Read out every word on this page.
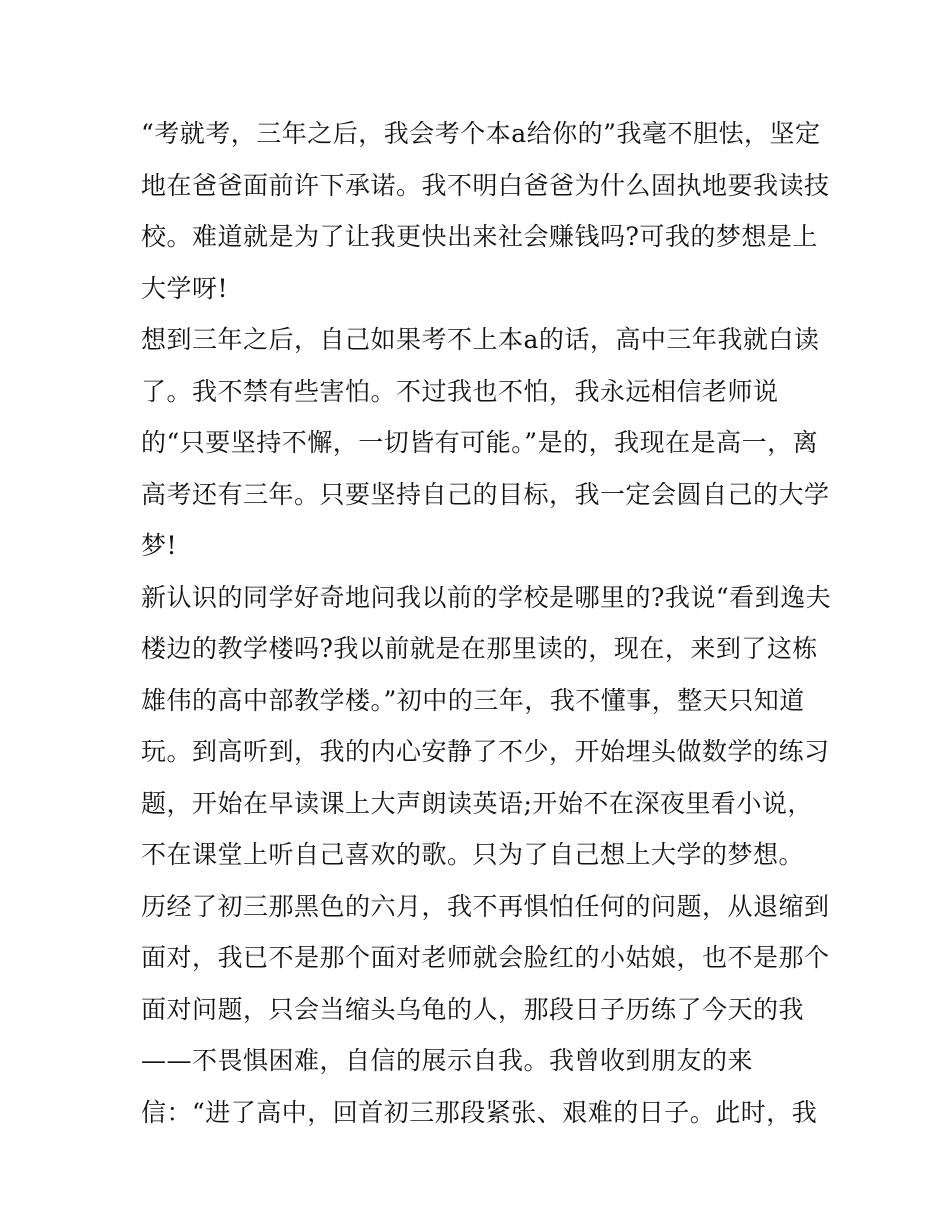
“考就考，三年之后，我会考个本a给你的”我毫不胆怯，坚定
地在爸爸面前许下承诺。我不明白爸爸为什么固执地要我读技
校。难道就是为了让我更快出来社会赚钱吗?可我的梦想是上
大学呀!
想到三年之后，自己如果考不上本a的话，高中三年我就白读
了。我不禁有些害怕。不过我也不怕，我永远相信老师说
的“只要坚持不懈，一切皆有可能。”是的，我现在是高一，离
高考还有三年。只要坚持自己的目标，我一定会圆自己的大学
梦!
新认识的同学好奇地问我以前的学校是哪里的?我说“看到逸夫
楼边的教学楼吗?我以前就是在那里读的，现在，来到了这栋
雄伟的高中部教学楼。”初中的三年，我不懂事，整天只知道
玩。到高听到，我的内心安静了不少，开始埋头做数学的练习
题，开始在早读课上大声朗读英语;开始不在深夜里看小说，
不在课堂上听自己喜欢的歌。只为了自己想上大学的梦想。
历经了初三那黑色的六月，我不再惧怕任何的问题，从退缩到
面对，我已不是那个面对老师就会脸红的小姑娘，也不是那个
面对问题，只会当缩头乌龟的人，那段日子历练了今天的我
——不畏惧困难，自信的展示自我。我曾收到朋友的来
信：“进了高中，回首初三那段紧张、艰难的日子。此时，我
